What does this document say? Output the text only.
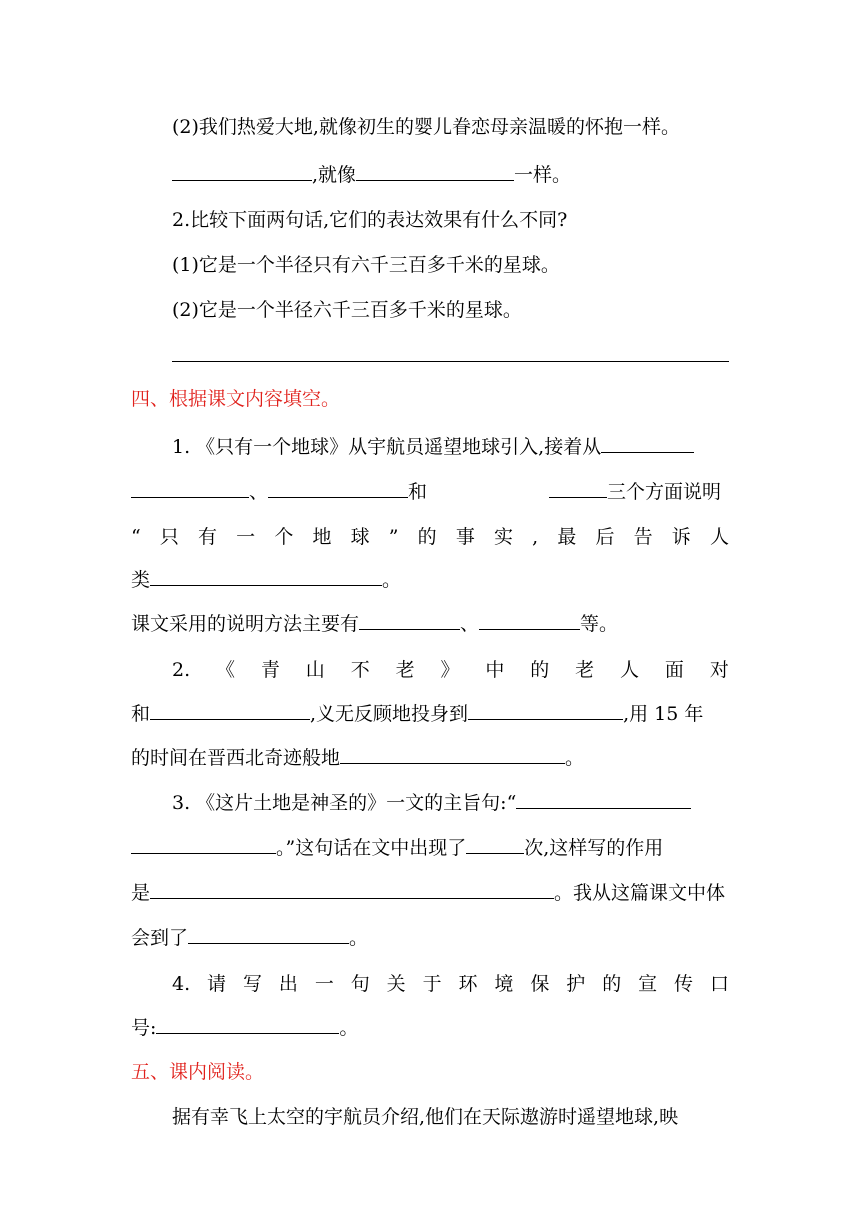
(2)我们热爱大地,就像初生的婴儿眷恋母亲温暖的怀抱一样。
,就像	一样。
2.比较下面两句话,它们的表达效果有什么不同?
(1)它是一个半径只有六千三百多千米的星球。
(2)它是一个半径六千三百多千米的星球。
四、根据课文内容填空。
1. 《只有一个地球》从宇航员遥望地球引入,接着从
、	和	三个方面说明
“ 只 有 一 个 地 球 ” 的 事 实 , 最 后 告 诉 人
类	。
课文采用的说明方法主要有	、	等。
2. 《 青 山 不 老 》 中 的 老 人 面 对
和	,义无反顾地投身到	,用 15 年
的时间在晋西北奇迹般地	。
3. 《这片土地是神圣的》一文的主旨句:“
。”这句话在文中出现了	次,这样写的作用
是	。我从这篇课文中体
会到了	。
4. 请 写 出 一 句 关 于 环 境 保 护 的 宣 传 口
号:	。
五、课内阅读。
据有幸飞上太空的宇航员介绍,他们在天际遨游时遥望地球,映
